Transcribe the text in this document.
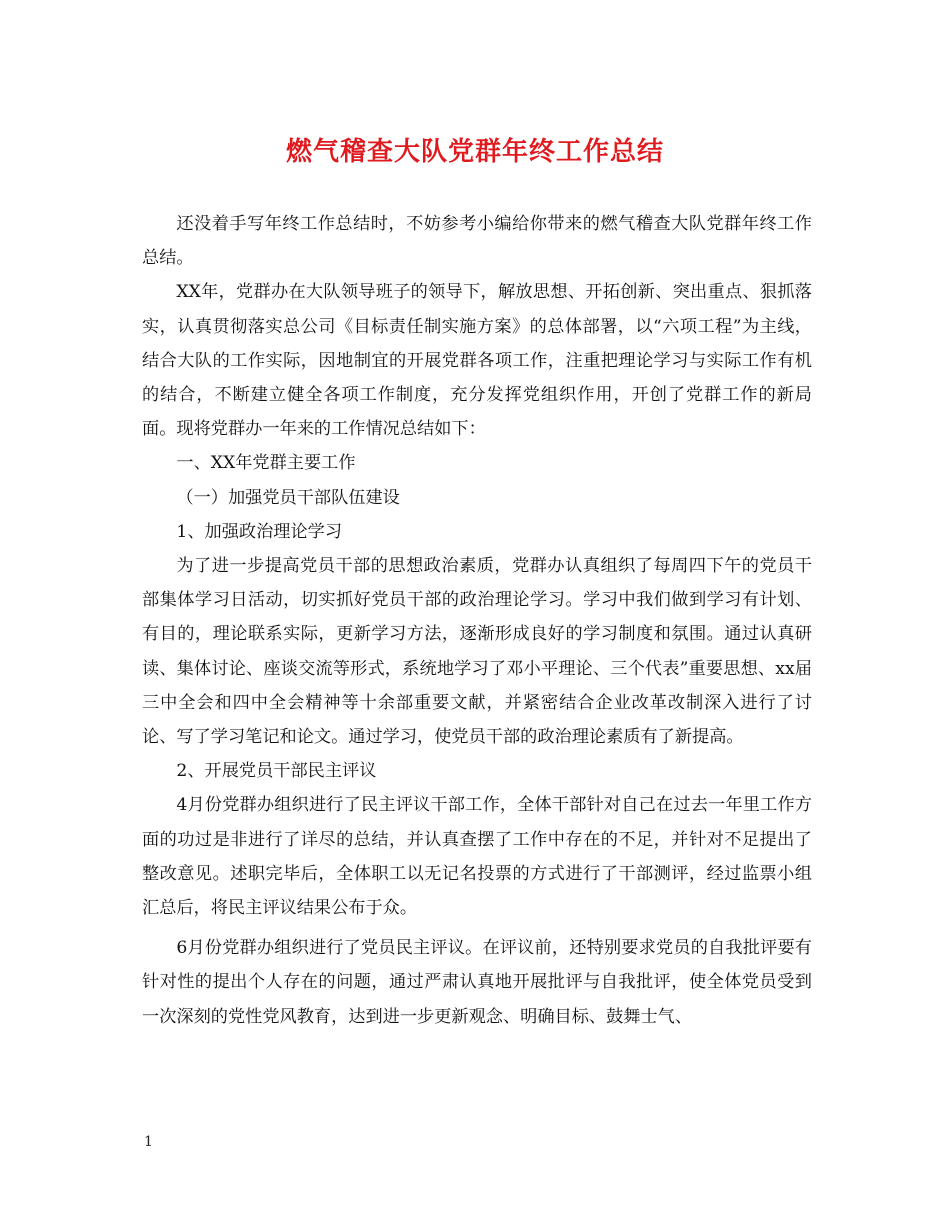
燃气稽查大队党群年终工作总结

还没着手写年终工作总结时，不妨参考小编给你带来的燃气稽查大队党群年终工作总结。

XX年，党群办在大队领导班子的领导下，解放思想、开拓创新、突出重点、狠抓落实，认真贯彻落实总公司《目标责任制实施方案》的总体部署，以“六项工程”为主线，结合大队的工作实际，因地制宜的开展党群各项工作，注重把理论学习与实际工作有机的结合，不断建立健全各项工作制度，充分发挥党组织作用，开创了党群工作的新局面。现将党群办一年来的工作情况总结如下：

一、XX年党群主要工作

（一）加强党员干部队伍建设

1、加强政治理论学习

为了进一步提高党员干部的思想政治素质，党群办认真组织了每周四下午的党员干部集体学习日活动，切实抓好党员干部的政治理论学习。学习中我们做到学习有计划、有目的，理论联系实际，更新学习方法，逐渐形成良好的学习制度和氛围。通过认真研读、集体讨论、座谈交流等形式，系统地学习了邓小平理论、三个代表”重要思想、xx届三中全会和四中全会精神等十余部重要文献，并紧密结合企业改革改制深入进行了讨论、写了学习笔记和论文。通过学习，使党员干部的政治理论素质有了新提高。

2、开展党员干部民主评议

4月份党群办组织进行了民主评议干部工作，全体干部针对自己在过去一年里工作方面的功过是非进行了详尽的总结，并认真查摆了工作中存在的不足，并针对不足提出了整改意见。述职完毕后，全体职工以无记名投票的方式进行了干部测评，经过监票小组汇总后，将民主评议结果公布于众。

6月份党群办组织进行了党员民主评议。在评议前，还特别要求党员的自我批评要有针对性的提出个人存在的问题，通过严肃认真地开展批评与自我批评，使全体党员受到一次深刻的党性党风教育，达到进一步更新观念、明确目标、鼓舞士气、

1
